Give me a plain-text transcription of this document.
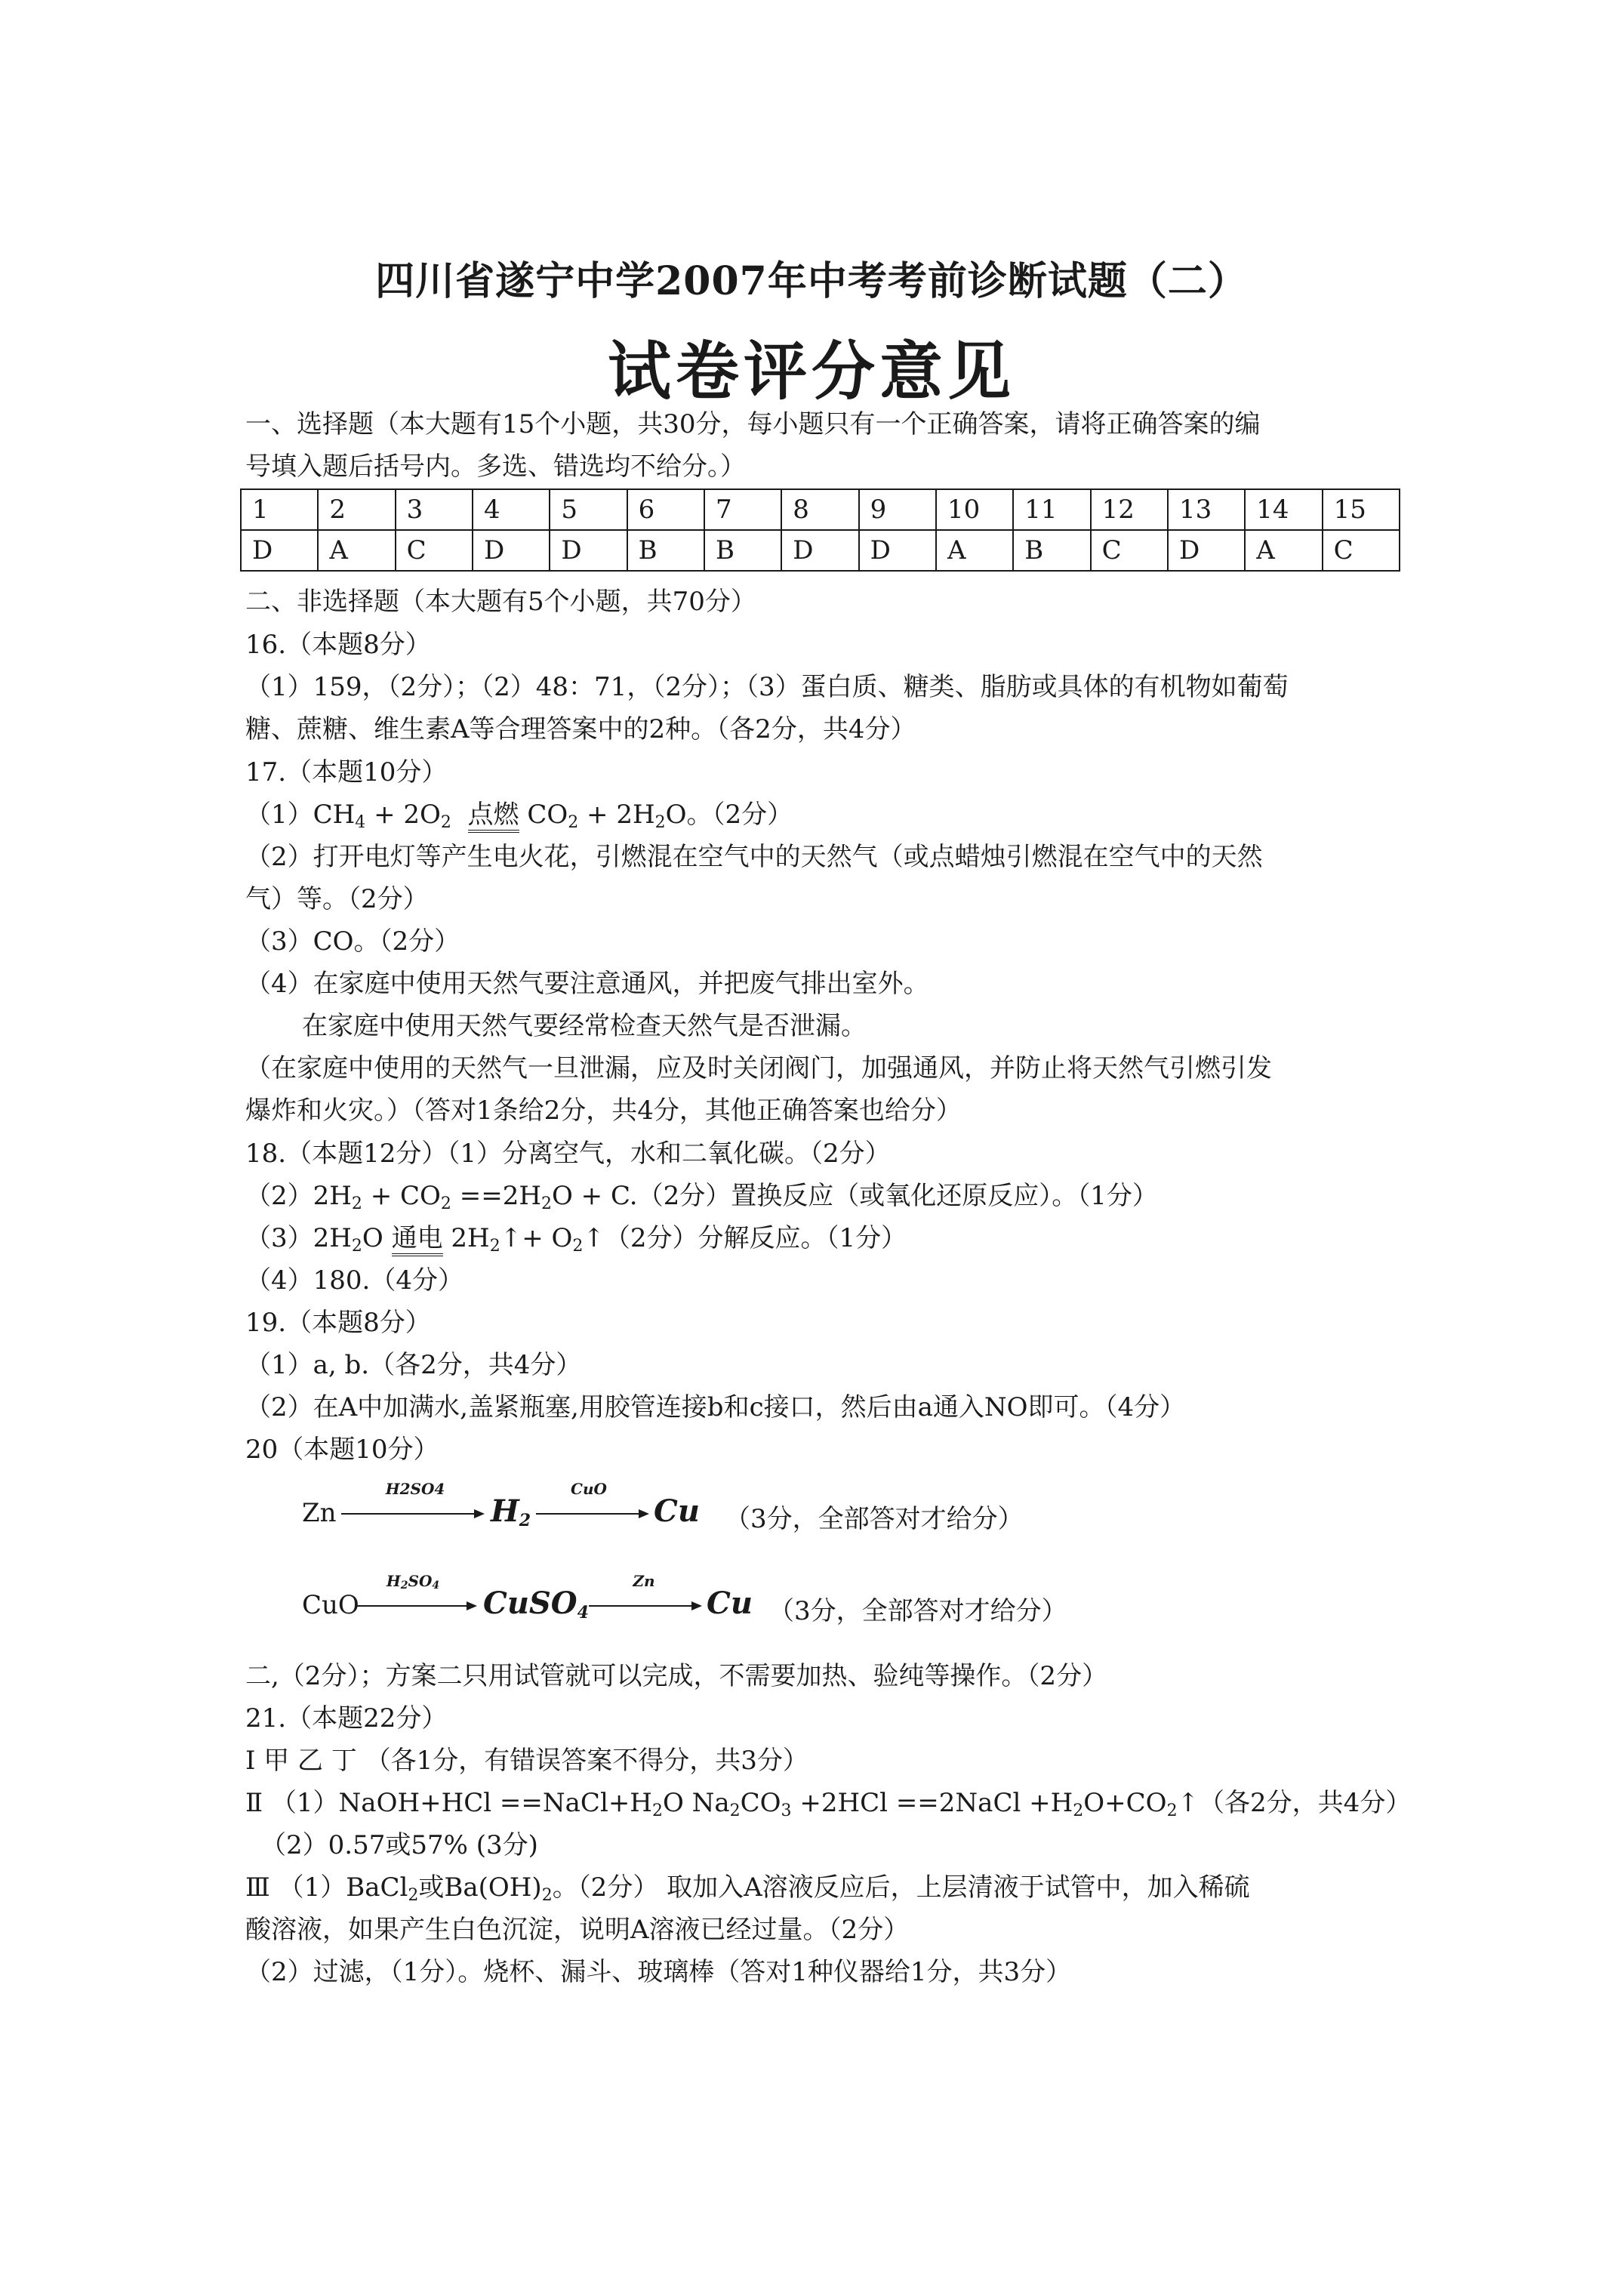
四川省遂宁中学2007年中考考前诊断试题（二）
试卷评分意见
一、选择题（本大题有15个小题，共30分，每小题只有一个正确答案，请将正确答案的编
号填入题后括号内。多选、错选均不给分。）
1	2	3	4	5	6	7	8	9	10	11	12	13	14	15
D	A	C	D	D	B	B	D	D	A	B	C	D	A	C
二、非选择题（本大题有5个小题，共70分）
16.（本题8分）
（1）159，（2分）；（2）48：71，（2分）；（3）蛋白质、糖类、脂肪或具体的有机物如葡萄
糖、蔗糖、维生素A等合理答案中的2种。（各2分，共4分）
17.（本题10分）
$(1)CH_4 + 2O_2$ 点燃 $CO_2 + 2H_2O$。（2分）
（2）打开电灯等产生电火花，引燃混在空气中的天然气（或点蜡烛引燃混在空气中的天然
气）等。（2分）
（3）CO。（2分）
（4）在家庭中使用天然气要注意通风，并把废气排出室外。
在家庭中使用天然气要经常检查天然气是否泄漏。
（在家庭中使用的天然气一旦泄漏，应及时关闭阀门，加强通风，并防止将天然气引燃引发
爆炸和火灾。）（答对1条给2分，共4分，其他正确答案也给分）
18.（本题12分）（1）分离空气，水和二氧化碳。（2分）
$(2)2H_2 + CO_2 ==2H_2O + C.(2$分）置换反应（或氧化还原反应）。（1分）
$(3)2H_2O$ 通电 $2H_2↑+$ $O_2↑(2$分）分解反应。（1分）
（4）180.（4分）
19.（本题8分）
（1）a, b.（各2分，共4分）
（2）在A中加满水,盖紧瓶塞,用胶管连接b和c接口，然后由a通入NO即可。（4分）
20（本题10分）
Zn
H2SO4
$H_2$
CuO
Cu （3分，全部答对才给分）
CuO
$H_2SO_4$	CuSO$_4$
Zn
Cu （3分，全部答对才给分）
二,（2分）；方案二只用试管就可以完成，不需要加热、验纯等操作。（2分）
21.（本题22分）
Ⅰ 甲 乙 丁 （各1分，有错误答案不得分，共3分）
Ⅱ （1）NaOH+HCl $==NaCl+H_2O$ $Na_2CO_3 +2HCl$ ==2NaCl $+H_2O+CO_2↑$（各2分，共4分）
（2）0.57或57% (3分)
Ⅲ （1）BaCl$_2$或$Ba(OH)_2$。（2分） 取加入A溶液反应后，上层清液于试管中，加入稀硫
酸溶液，如果产生白色沉淀，说明A溶液已经过量。（2分）
（2）过滤，（1分）。烧杯、漏斗、玻璃棒（答对1种仪器给1分，共3分）
